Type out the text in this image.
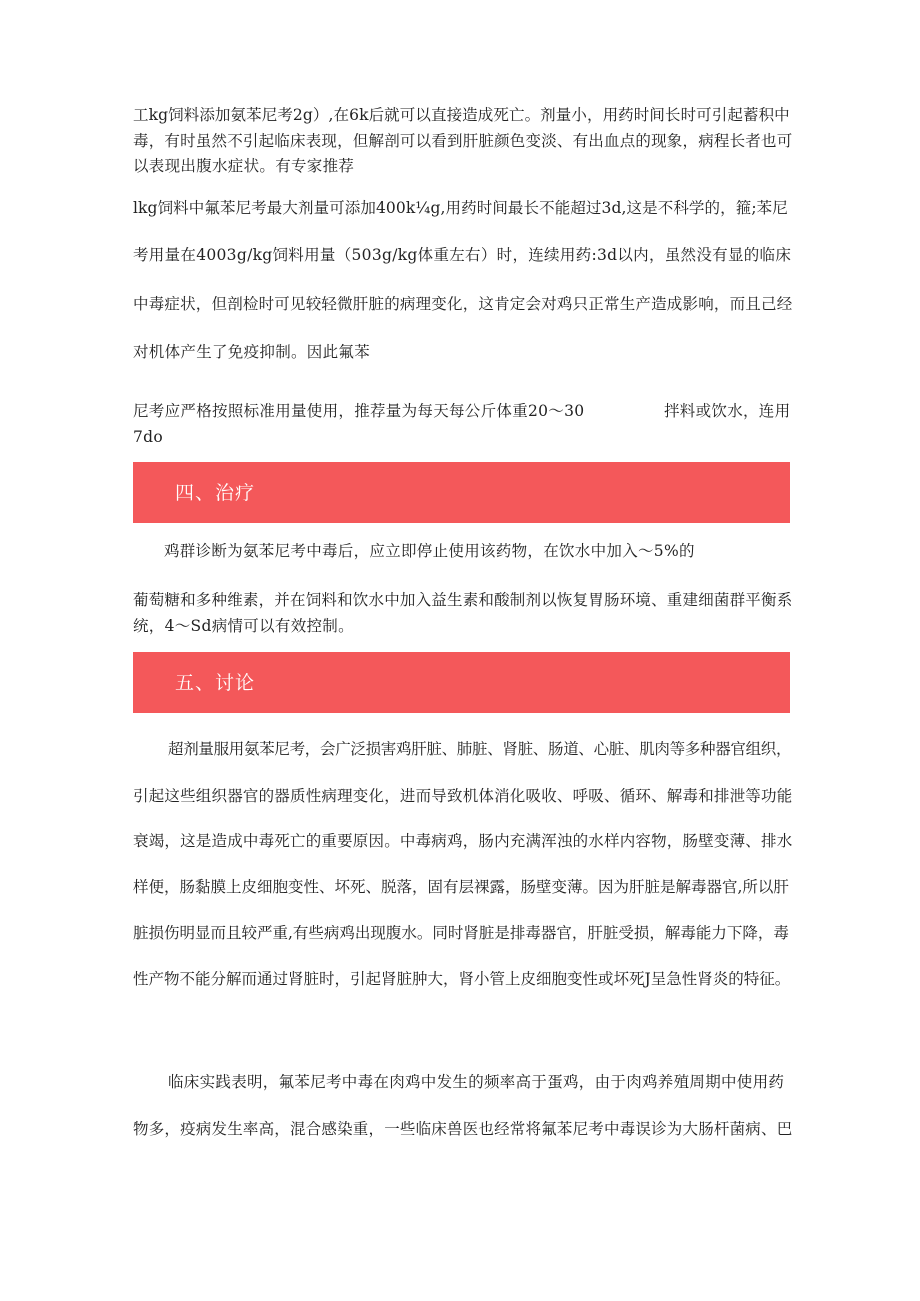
工kg饲料添加氨苯尼考2g）,在6k后就可以直接造成死亡。剂量小，用药时间长时可引起蓄积中

毒，有时虽然不引起临床表现，但解剖可以看到肝脏颜色变淡、有出血点的现象，病程长者也可

以表现出腹水症状。有专家推荐

lkg饲料中氟苯尼考最大剂量可添加400k¼g,用药时间最长不能超过3d,这是不科学的，箍;苯尼

考用量在4003g/kg饲料用量（503g/kg体重左右）时，连续用药:3d以内，虽然没有显的临床

中毒症状，但剖检时可见较轻微肝脏的病理变化，这肯定会对鸡只正常生产造成影响，而且己经

对机体产生了免疫抑制。因此氟苯

尼考应严格按照标准用量使用，推荐量为每天每公斤体重20〜30	拌料或饮水，连用

7do

四、治疗

鸡群诊断为氨苯尼考中毒后，应立即停止使用该药物，在饮水中加入〜5%的

葡萄糖和多种维素，并在饲料和饮水中加入益生素和酸制剂以恢复胃肠环境、重建细菌群平衡系

统，4〜Sd病情可以有效控制。

五、讨论

超剂量服用氨苯尼考，会广泛损害鸡肝脏、肺脏、肾脏、肠道、心脏、肌肉等多种器官组织，

引起这些组织器官的器质性病理变化，进而导致机体消化吸收、呼吸、循环、解毒和排泄等功能

衰竭，这是造成中毒死亡的重要原因。中毒病鸡，肠内充满浑浊的水样内容物，肠壁变薄、排水

样便，肠黏膜上皮细胞变性、坏死、脱落，固有层裸露，肠壁变薄。因为肝脏是解毒器官,所以肝

脏损伤明显而且较严重,有些病鸡出现腹水。同时肾脏是排毒器官，肝脏受损，解毒能力下降，毒

性产物不能分解而通过肾脏时，引起肾脏肿大，肾小管上皮细胞变性或坏死J呈急性肾炎的特征。

临床实践表明，氟苯尼考中毒在肉鸡中发生的频率高于蛋鸡，由于肉鸡养殖周期中使用药

物多，疫病发生率高，混合感染重，一些临床兽医也经常将氟苯尼考中毒误诊为大肠杆菌病、巴
